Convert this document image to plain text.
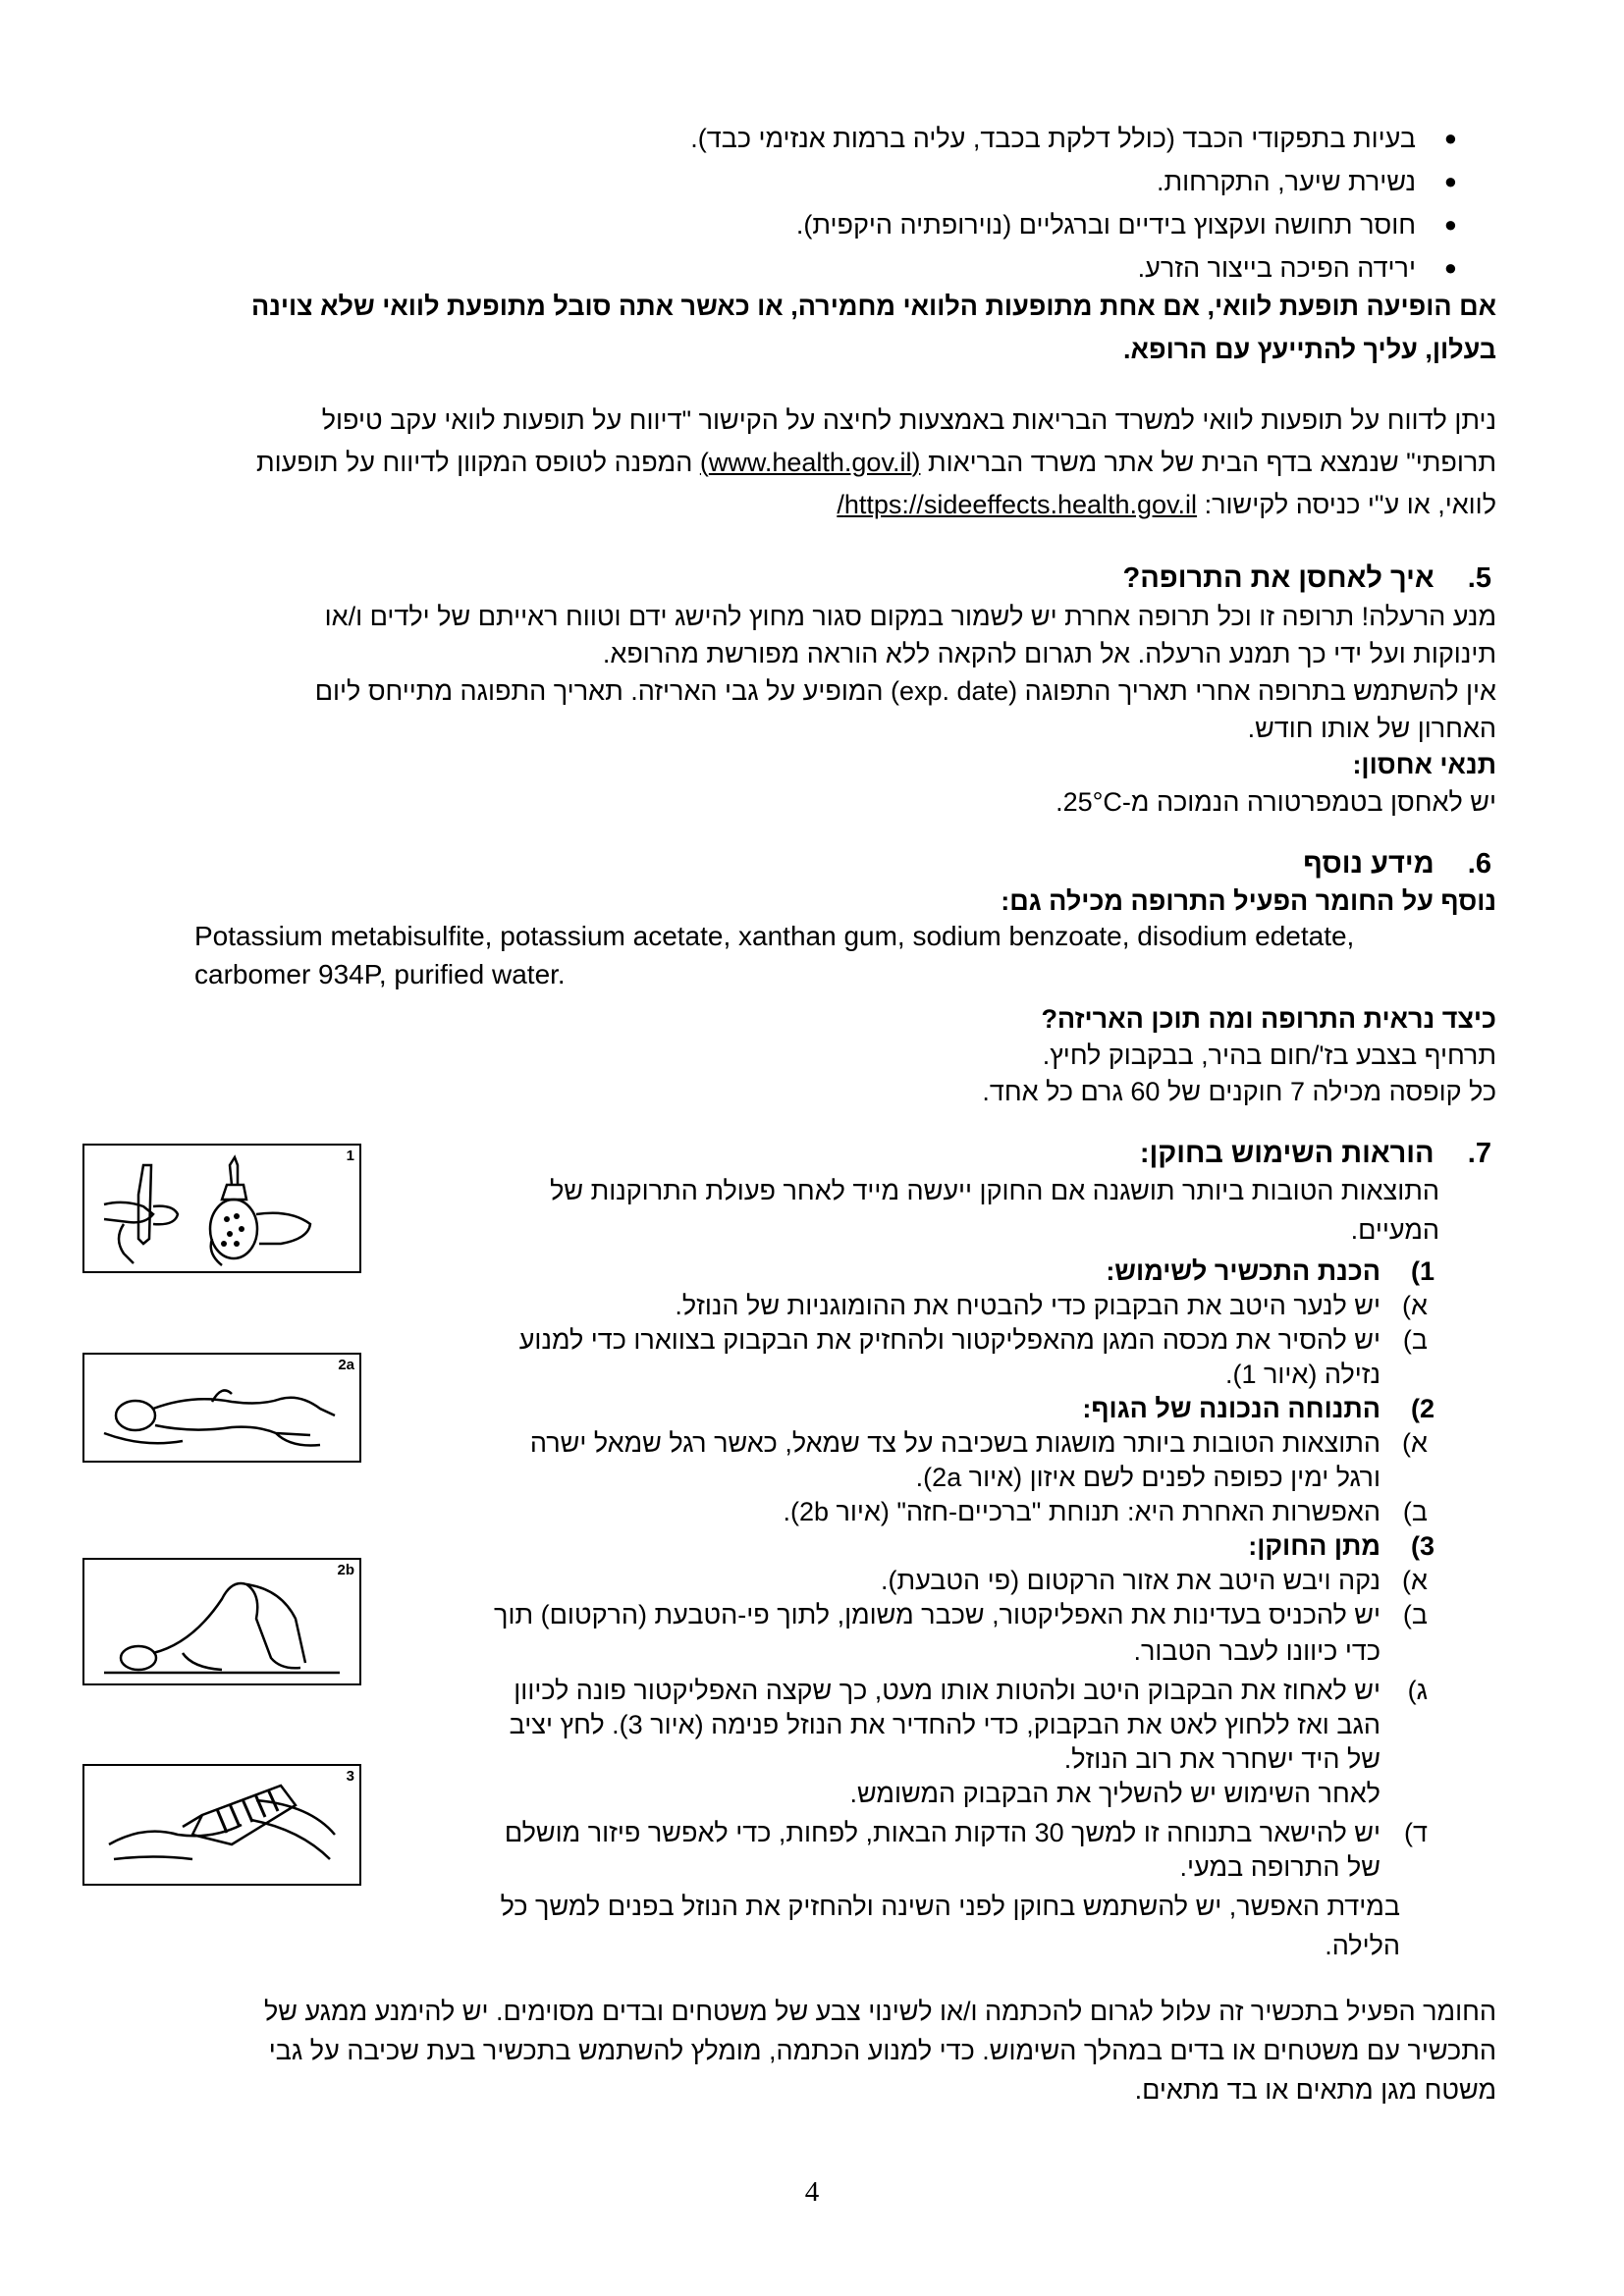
●
בעיות בתפקודי הכבד (כולל דלקת בכבד, עליה ברמות אנזימי כבד).
●
נשירת שיער, התקרחות.
●
חוסר תחושה ועקצוץ בידיים וברגליים (נוירופתיה היקפית).
●
ירידה הפיכה בייצור הזרע.
אם הופיעה תופעת לוואי, אם אחת מתופעות הלוואי מחמירה, או כאשר אתה סובל מתופעת לוואי שלא צוינה
בעלון, עליך להתייעץ עם הרופא.
ניתן לדווח על תופעות לוואי למשרד הבריאות באמצעות לחיצה על הקישור "דיווח על תופעות לוואי עקב טיפול
תרופתי" שנמצא בדף הבית של אתר משרד הבריאות (www.health.gov.il) המפנה לטופס המקוון לדיווח על תופעות
לוואי, או ע"י כניסה לקישור: https://sideeffects.health.gov.il/
5.  איך לאחסן את התרופה?
מנע הרעלה! תרופה זו וכל תרופה אחרת יש לשמור במקום סגור מחוץ להישג ידם וטווח ראייתם של ילדים ו/או
תינוקות ועל ידי כך תמנע הרעלה. אל תגרום להקאה ללא הוראה מפורשת מהרופא.
אין להשתמש בתרופה אחרי תאריך התפוגה (exp. date) המופיע על גבי האריזה. תאריך התפוגה מתייחס ליום
האחרון של אותו חודש.
תנאי אחסון:
יש לאחסן בטמפרטורה הנמוכה מ-25°C.
6.  מידע נוסף
נוסף על החומר הפעיל התרופה מכילה גם:
Potassium metabisulfite, potassium acetate, xanthan gum, sodium benzoate, disodium edetate,
carbomer 934P, purified water.
כיצד נראית התרופה ומה תוכן האריזה?
תרחיף בצבע בז'/חום בהיר, בבקבוק לחיץ.
כל קופסה מכילה 7 חוקנים של 60 גרם כל אחד.
7.  הוראות השימוש בחוקן:
התוצאות הטובות ביותר תושגנה אם החוקן ייעשה מייד לאחר פעולת התרוקנות של
המעיים.
1)
הכנת התכשיר לשימוש:
א)
יש לנער היטב את הבקבוק כדי להבטיח את ההומוגניות של הנוזל.
ב)
יש להסיר את מכסה המגן מהאפליקטור ולהחזיק את הבקבוק בצווארו כדי למנוע
נזילה (איור 1).
2)
התנוחה הנכונה של הגוף:
א)
התוצאות הטובות ביותר מושגות בשכיבה על צד שמאל, כאשר רגל שמאל ישרה
ורגל ימין כפופה לפנים לשם איזון (איור 2a).
ב)
האפשרות האחרת היא: תנוחת "ברכיים-חזה" (איור 2b).
3)
מתן החוקן:
א)
נקה ויבש היטב את אזור הרקטום (פי הטבעת).
ב)
יש להכניס בעדינות את האפליקטור, שכבר משומן, לתוך פי-הטבעת (הרקטום) תוך
כדי כיוונו לעבר הטבור.
ג)
יש לאחוז את הבקבוק היטב ולהטות אותו מעט, כך שקצה האפליקטור פונה לכיוון
הגב ואז ללחוץ לאט את הבקבוק, כדי להחדיר את הנוזל פנימה (איור 3). לחץ יציב
של היד ישחרר את רוב הנוזל.
לאחר השימוש יש להשליך את הבקבוק המשומש.
ד)
יש להישאר בתנוחה זו למשך 30 הדקות הבאות, לפחות, כדי לאפשר פיזור מושלם
של התרופה במעי.
במידת האפשר, יש להשתמש בחוקן לפני השינה ולהחזיק את הנוזל בפנים למשך כל
הלילה.
1
2a
2b
3
החומר הפעיל בתכשיר זה עלול לגרום להכתמה ו/או לשינוי צבע של משטחים ובדים מסוימים. יש להימנע ממגע של
התכשיר עם משטחים או בדים במהלך השימוש. כדי למנוע הכתמה, מומלץ להשתמש בתכשיר בעת שכיבה על גבי
משטח מגן מתאים או בד מתאים.
4
